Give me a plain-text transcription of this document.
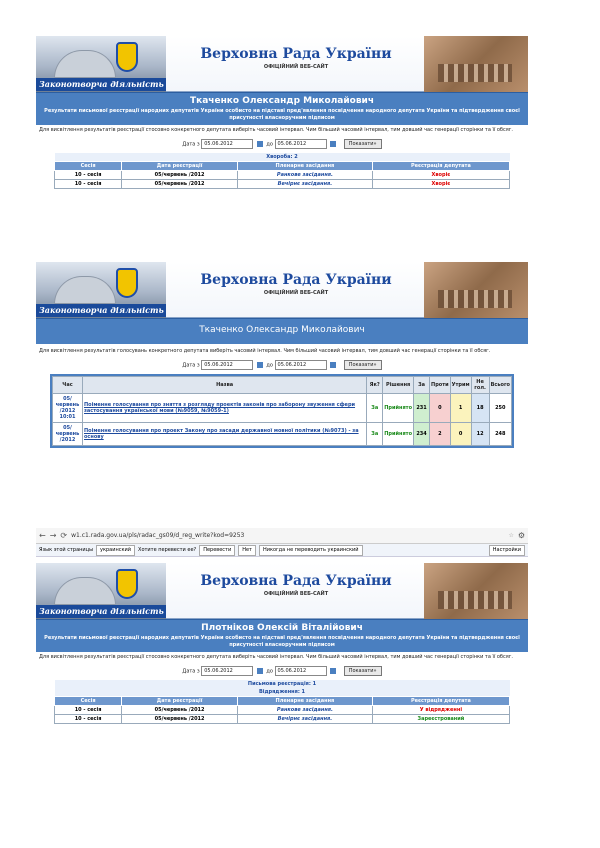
Законотворча діяльність
Верховна Рада України
ОФІЦІЙНИЙ ВЕБ-САЙТ
Ткаченко Олександр Миколайович
Результати письмової реєстрації народних депутатів України особисто на підставі пред'явлення посвідчення народного депутата України та підтвердження своєї присутності власноручним підписом
Для висвітлення результатів реєстрації стосовно конкретного депутата виберіть часовий інтервал. Чим більший часовий інтервал, тим довший час генерації сторінки та її обсяг.
Дата з 05.06.2012	до 05.06.2012	Показати»
Хвороба: 2			
Сесія	Дата реєстрації	Пленарне засідання	Реєстрація депутата
10 - сесія	05/червень /2012	Ранкове засідання.	Хворіє
10 - сесія	05/червень /2012	Вечірнє засідання.	Хворіє
Законотворча діяльність
Верховна Рада України
ОФІЦІЙНИЙ ВЕБ-САЙТ
Ткаченко Олександр Миколайович
Для висвітлення результатів голосувань конкретного депутата виберіть часовий інтервал. Чим більший часовий інтервал, тим довший час генерації сторінки та її обсяг.
Дата з 05.06.2012	до 05.06.2012	Показати»
Час	Назва	Як?	Рішення	За	Проти	Утрим	Не гол.	Всього
05/ червень /2012 10:01	Поіменне голосування про зняття з розгляду проектів законів про заборону звуження сфери застосування української мови (№9059, №9059-1)	За	Прийнято	231	0	1	18	250
05/ червень /2012	Поіменне голосування про проект Закону про засади державної мовної політики (№9073) - за основу	За	Прийнято	234	2	0	12	248
← → ⟳ w1.c1.rada.gov.ua/pls/radac_gs09/d_reg_write?kod=9253	☆ ⚙
Язык этой страницы	украинский	Хотите перевести ее?	Перевести	Нет	Никогда не переводить украинский	Настройки
Законотворча діяльність
Верховна Рада України
ОФІЦІЙНИЙ ВЕБ-САЙТ
Плотніков Олексій Віталійович
Результати письмової реєстрації народних депутатів України особисто на підставі пред'явлення посвідчення народного депутата України та підтвердження своєї присутності власноручним підписом
Для висвітлення результатів реєстрації стосовно конкретного депутата виберіть часовий інтервал. Чим більший часовий інтервал, тим довший час генерації сторінки та її обсяг.
Дата з 05.06.2012	до 05.06.2012	Показати»
Письмова реєстрація: 1			
Відрядження: 1			
Сесія	Дата реєстрації	Пленарне засідання	Реєстрація депутата
10 - сесія	05/червень /2012	Ранкове засідання.	У відрядженні
10 - сесія	05/червень /2012	Вечірнє засідання.	Зареєстрований
